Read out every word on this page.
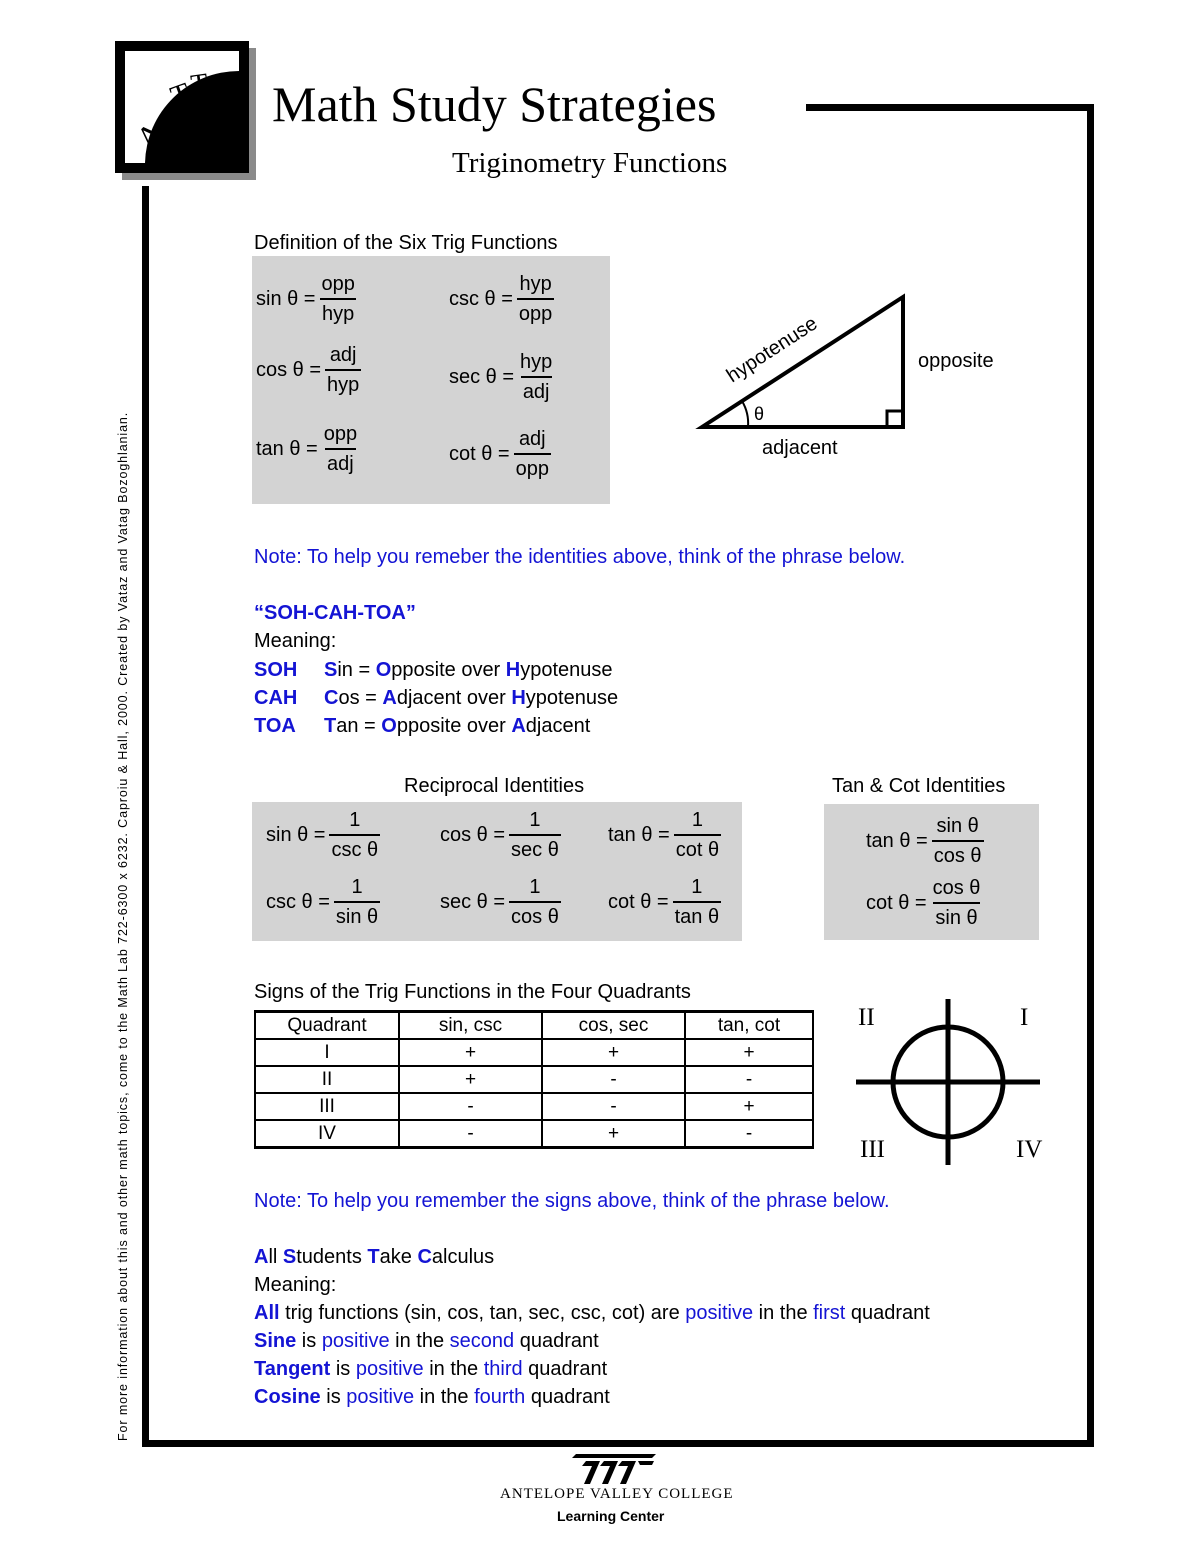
A
T
T r Math Study Strategies
Triginometry Functions
For more information about this and other math topics, come to the Math Lab 722-6300 x 6232. Caproiu & Hall, 2000. Created by Vataz and Vatag Bozoghlanian.
Definition of the Six Trig Functions
$\sin \theta = \frac{\text{opp}}{\text{hyp}}$	$\csc \theta = \frac{\text{hyp}}{\text{opp}}$
$\cos \theta = \frac{\text{adj}}{\text{hyp}}$	$\sec \theta = \frac{\text{hyp}}{\text{adj}}$
$\tan \theta = \frac{\text{opp}}{\text{adj}}$	$\cot \theta = \frac{\text{adj}}{\text{opp}}$
hypotenuse	opposite
adjacent
θ
Note: To help you remeber the identities above, think of the phrase below.
“SOH-CAH-TOA”
Meaning:
SOH Sin = Opposite over Hypotenuse
CAH Cos = Adjacent over Hypotenuse
TOA Tan = Opposite over Adjacent
Reciprocal Identities
$\sin \theta = \frac{1}{\text{csc θ}}$	$\cos \theta = \frac{1}{\text{sec θ}}$ $\tan \theta = \frac{1}{\text{cot θ}}$
$\csc \theta = \frac{1}{\text{sin θ}}$	$\sec \theta = \frac{1}{\text{cos θ}}$ $\cot \theta = \frac{1}{\text{tan θ}}$
Tan & Cot Identities
$\tan \theta = \frac{\text{sin θ}}{\text{cos θ}}$
$\cot \theta = \frac{\text{cos θ}}{\text{sin θ}}$
Signs of the Trig Functions in the Four Quadrants
Quadrant	sin, csc	cos, sec	tan, cot
I	+	+	+
II	+	-	-
III	-	-	+
IV	-	+	-
II	I
III	IV
Note: To help you remember the signs above, think of the phrase below.
All Students Take Calculus
Meaning:
All trig functions (sin, cos, tan, sec, csc, cot) are positive in the first quadrant
Sine is positive in the second quadrant
Tangent is positive in the third quadrant
Cosine is positive in the fourth quadrant
ANTELOPE VALLEY COLLEGE
Learning Center
